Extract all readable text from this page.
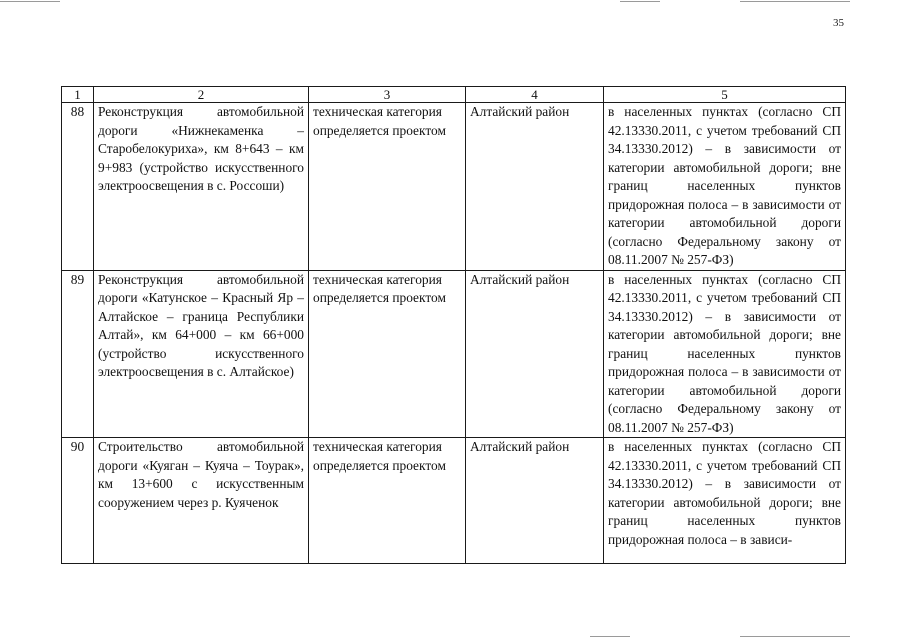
35
1	2	3	4	5
88	Реконструкция автомобильной дороги «Нижнекаменка – Старобелокуриха», км 8+643 – км 9+983 (устройство искусственного электроосвещения в с. Россоши)	техническая категория определяется проектом	Алтайский район	в населенных пунктах (согласно СП 42.13330.2011, с учетом требований СП 34.13330.2012) – в зависимости от категории автомобильной дороги; вне границ населенных пунктов придорожная полоса – в зависимости от категории автомобильной дороги (согласно Федеральному закону от 08.11.2007 № 257-ФЗ)
89	Реконструкция автомобильной дороги «Катунское – Красный Яр – Алтайское – граница Республики Алтай», км 64+000 – км 66+000 (устройство искусственного электроосвещения в с. Алтайское)	техническая категория определяется проектом	Алтайский район	в населенных пунктах (согласно СП 42.13330.2011, с учетом требований СП 34.13330.2012) – в зависимости от категории автомобильной дороги; вне границ населенных пунктов придорожная полоса – в зависимости от категории автомобильной дороги (согласно Федеральному закону от 08.11.2007 № 257-ФЗ)
90	Строительство автомобильной дороги «Куяган – Куяча – Тоурак», км 13+600 с искусственным сооружением через р. Куяченок	техническая категория определяется проектом	Алтайский район	в населенных пунктах (согласно СП 42.13330.2011, с учетом требований СП 34.13330.2012) – в зависимости от категории автомобильной дороги; вне границ населенных пунктов придорожная полоса – в зависи-
